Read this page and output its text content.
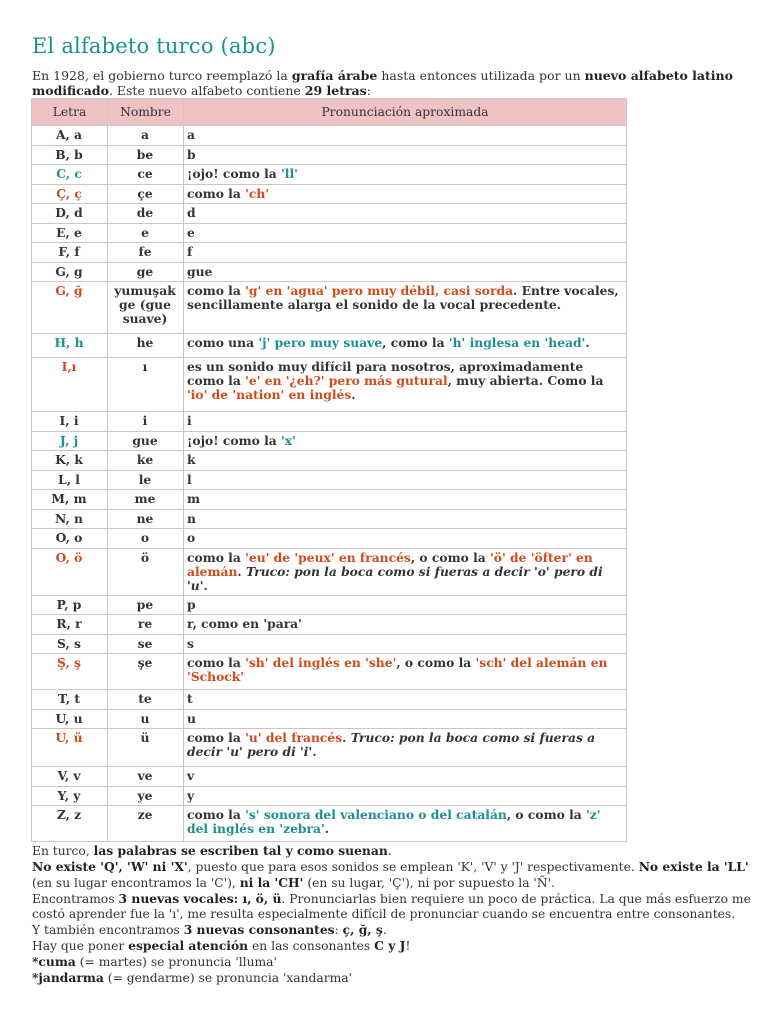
El alfabeto turco (abc)
En 1928, el gobierno turco reemplazó la grafía árabe hasta entonces utilizada por un nuevo alfabeto latino modificado. Este nuevo alfabeto contiene 29 letras:
Letra	Nombre	Pronunciación aproximada
A, a	a	a
B, b	be	b
C, c	ce	¡ojo! como la 'll'
Ç, ç	çe	como la 'ch'
D, d	de	d
E, e	e	e
F, f	fe	f
G, g	ge	gue
G, ğ	yumuşak ge (gue suave)	como la 'g' en 'agua' pero muy débil, casi sorda. Entre vocales, sencillamente alarga el sonido de la vocal precedente.
H, h	he	como una 'j' pero muy suave, como la 'h' inglesa en 'head'.
I,ı	ı	es un sonido muy difícil para nosotros, aproximadamente como la 'e' en '¿eh?' pero más gutural, muy abierta. Como la 'io' de 'nation' en inglés.
I, i	i	i
J, j	gue	¡ojo! como la 'x'
K, k	ke	k
L, l	le	l
M, m	me	m
N, n	ne	n
O, o	o	o
O, ö	ö	como la 'eu' de 'peux' en francés, o como la 'ö' de 'öfter' en alemán. Truco: pon la boca como si fueras a decir 'o' pero di 'u'.
P, p	pe	p
R, r	re	r, como en 'para'
S, s	se	s
Ş, ş	şe	como la 'sh' del inglés en 'she', o como la 'sch' del alemán en 'Schock'
T, t	te	t
U, u	u	u
U, ü	ü	como la 'u' del francés. Truco: pon la boca como si fueras a decir 'u' pero di 'i'.
V, v	ve	v
Y, y	ye	y
Z, z	ze	como la 's' sonora del valenciano o del catalán, o como la 'z' del inglés en 'zebra'.
En turco, las palabras se escriben tal y como suenan.
No existe 'Q', 'W' ni 'X', puesto que para esos sonidos se emplean 'K', 'V' y 'J' respectivamente. No existe la 'LL' (en su lugar encontramos la 'C'), ni la 'CH' (en su lugar, 'Ç'), ni por supuesto la 'Ñ'.
Encontramos 3 nuevas vocales: ı, ö, ü. Pronunciarlas bien requiere un poco de práctica. La que más esfuerzo me costó aprender fue la 'ı', me resulta especialmente difícil de pronunciar cuando se encuentra entre consonantes.
Y también encontramos 3 nuevas consonantes: ç, ğ, ş.
Hay que poner especial atención en las consonantes C y J!
*cuma (= martes) se pronuncia 'lluma'
*jandarma (= gendarme) se pronuncia 'xandarma'
